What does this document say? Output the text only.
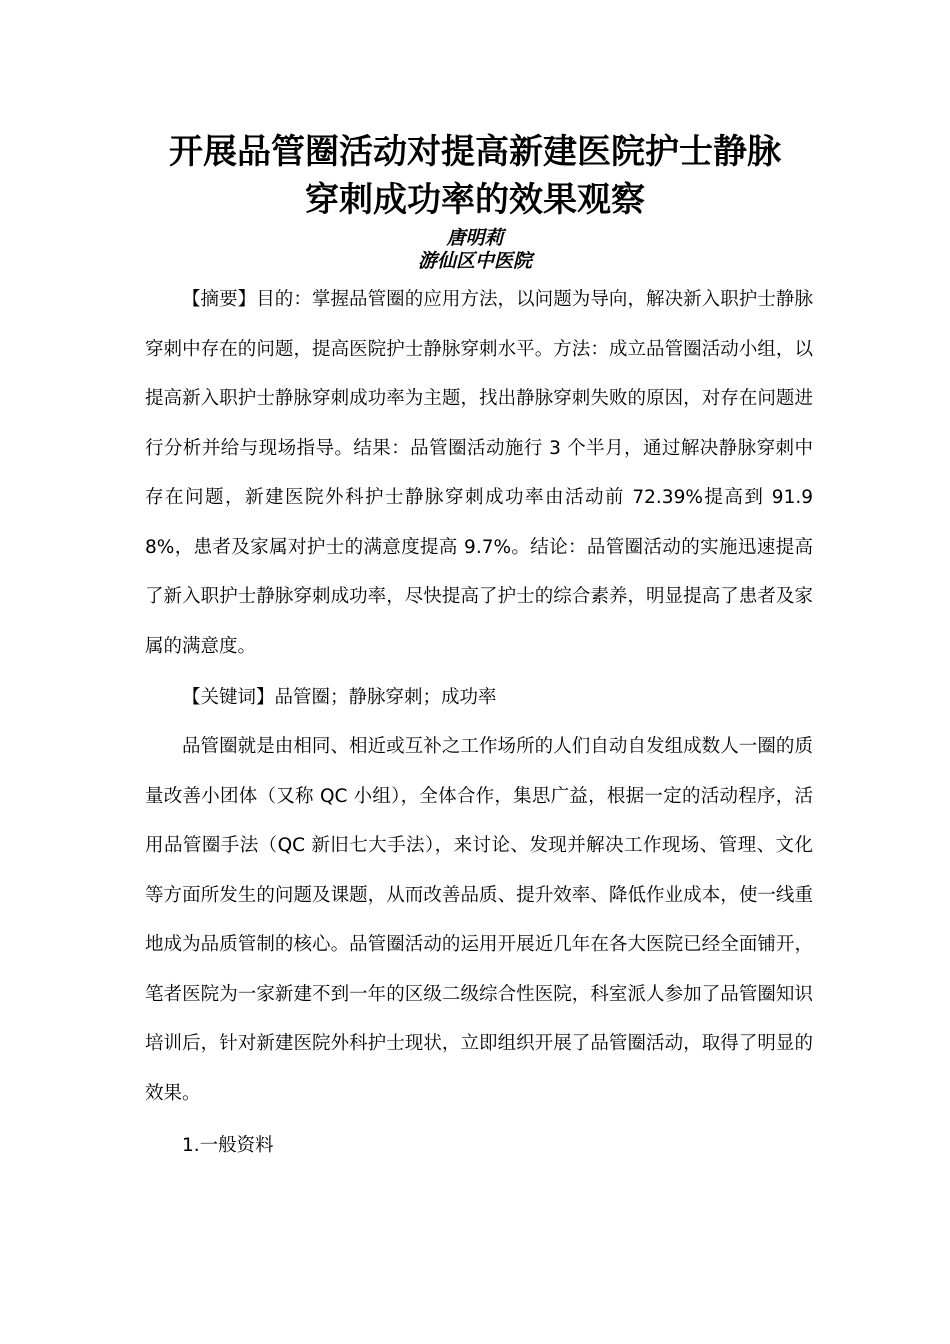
开展品管圈活动对提高新建医院护士静脉
穿刺成功率的效果观察
唐明莉
游仙区中医院

【摘要】目的：掌握品管圈的应用方法，以问题为导向，解决新入职护士静脉穿刺中存在的问题，提高医院护士静脉穿刺水平。方法：成立品管圈活动小组，以提高新入职护士静脉穿刺成功率为主题，找出静脉穿刺失败的原因，对存在问题进行分析并给与现场指导。结果：品管圈活动施行 3 个半月，通过解决静脉穿刺中存在问题，新建医院外科护士静脉穿刺成功率由活动前 72.39%提高到 91.98%，患者及家属对护士的满意度提高 9.7%。结论：品管圈活动的实施迅速提高了新入职护士静脉穿刺成功率，尽快提高了护士的综合素养，明显提高了患者及家属的满意度。

【关键词】品管圈；静脉穿刺；成功率

品管圈就是由相同、相近或互补之工作场所的人们自动自发组成数人一圈的质量改善小团体（又称 QC 小组），全体合作，集思广益，根据一定的活动程序，活用品管圈手法（QC 新旧七大手法），来讨论、发现并解决工作现场、管理、文化等方面所发生的问题及课题，从而改善品质、提升效率、降低作业成本，使一线重地成为品质管制的核心。品管圈活动的运用开展近几年在各大医院已经全面铺开，笔者医院为一家新建不到一年的区级二级综合性医院，科室派人参加了品管圈知识培训后，针对新建医院外科护士现状，立即组织开展了品管圈活动，取得了明显的效果。

1.一般资料
